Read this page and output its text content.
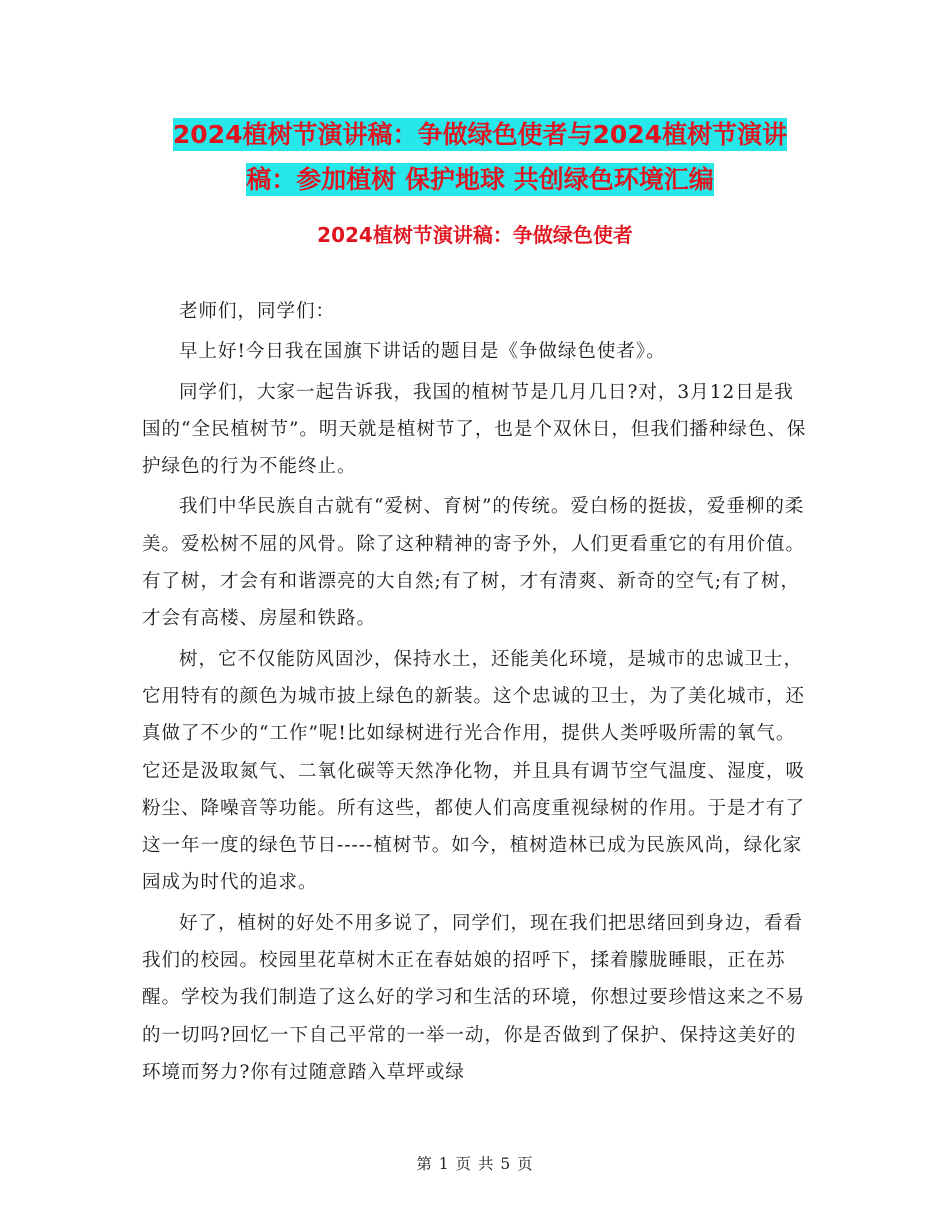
2024植树节演讲稿：争做绿色使者与2024植树节演讲
稿：参加植树 保护地球 共创绿色环境汇编
2024植树节演讲稿：争做绿色使者

老师们，同学们：

早上好!今日我在国旗下讲话的题目是《争做绿色使者》。

同学们，大家一起告诉我，我国的植树节是几月几日?对，3月12日是我国的“全民植树节”。明天就是植树节了，也是个双休日，但我们播种绿色、保护绿色的行为不能终止。

我们中华民族自古就有“爱树、育树”的传统。爱白杨的挺拔，爱垂柳的柔美。爱松树不屈的风骨。除了这种精神的寄予外，人们更看重它的有用价值。有了树，才会有和谐漂亮的大自然;有了树，才有清爽、新奇的空气;有了树，才会有高楼、房屋和铁路。

树，它不仅能防风固沙，保持水土，还能美化环境，是城市的忠诚卫士，它用特有的颜色为城市披上绿色的新装。这个忠诚的卫士，为了美化城市，还真做了不少的“工作”呢!比如绿树进行光合作用，提供人类呼吸所需的氧气。它还是汲取氮气、二氧化碳等天然净化物，并且具有调节空气温度、湿度，吸粉尘、降噪音等功能。所有这些，都使人们高度重视绿树的作用。于是才有了这一年一度的绿色节日-----植树节。如今，植树造林已成为民族风尚，绿化家园成为时代的追求。

好了，植树的好处不用多说了，同学们，现在我们把思绪回到身边，看看我们的校园。校园里花草树木正在春姑娘的招呼下，揉着朦胧睡眼，正在苏醒。学校为我们制造了这么好的学习和生活的环境，你想过要珍惜这来之不易的一切吗?回忆一下自己平常的一举一动，你是否做到了保护、保持这美好的环境而努力?你有过随意踏入草坪或绿

第 1 页 共 5 页
